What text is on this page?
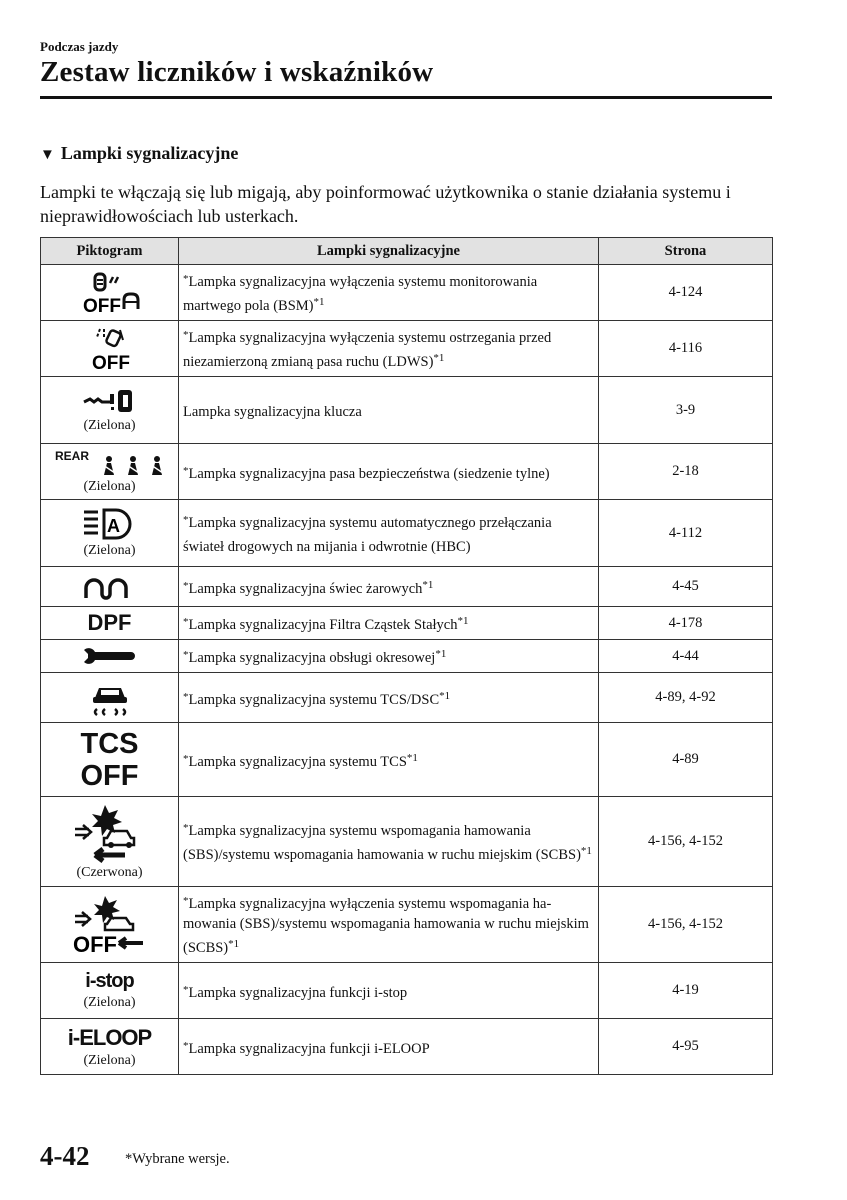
Podczas jazdy
Zestaw liczników i wskaźników
▼ Lampki sygnalizacyjne
Lampki te włączają się lub migają, aby poinformować użytkownika o stanie działania systemu i nieprawidłowościach lub usterkach.
Piktogram	Lampki sygnalizacyjne	Strona

OFF	*Lampka sygnalizacyjna wyłączenia systemu monitorowania martwego pola (BSM)$^{*1}$	4-124

OFF	*Lampka sygnalizacyjna wyłączenia systemu ostrzegania przed niezamierzoną zmianą pasa ruchu (LDWS)$^{*1}$	4-116

(Zielona)	Lampka sygnalizacyjna klucza	3-9

REAR
(Zielona)	*Lampka sygnalizacyjna pasa bezpieczeństwa (siedzenie tylne)	2-18

A
(Zielona)	*Lampka sygnalizacyjna systemu automatycznego przełączania świateł drogowych na mijania i odwrotnie (HBC)	4-112

	*Lampka sygnalizacyjna świec żarowych$^{*1}$	4-45
DPF	*Lampka sygnalizacyjna Filtra Cząstek Stałych$^{*1}$	4-178

	*Lampka sygnalizacyjna obsługi okresowej$^{*1}$	4-44

	*Lampka sygnalizacyjna systemu TCS/DSC$^{*1}$	4-89, 4-92

TCS
OFF	*Lampka sygnalizacyjna systemu TCS$^{*1}$	4-89

(Czerwona)	*Lampka sygnalizacyjna systemu wspomagania hamowania (SBS)/systemu wspomagania hamowania w ruchu miejskim (SCBS)$^{*1}$	4-156, 4-152

OFF	*Lampka sygnalizacyjna wyłączenia systemu wspomagania ha-mowania (SBS)/systemu wspomagania hamowania w ruchu miejskim (SCBS)$^{*1}$	4-156, 4-152
i-stop
(Zielona)	*Lampka sygnalizacyjna funkcji i-stop	4-19
i-ELOOP
(Zielona)	*Lampka sygnalizacyjna funkcji i-ELOOP	4-95
4-42 *Wybrane wersje.
